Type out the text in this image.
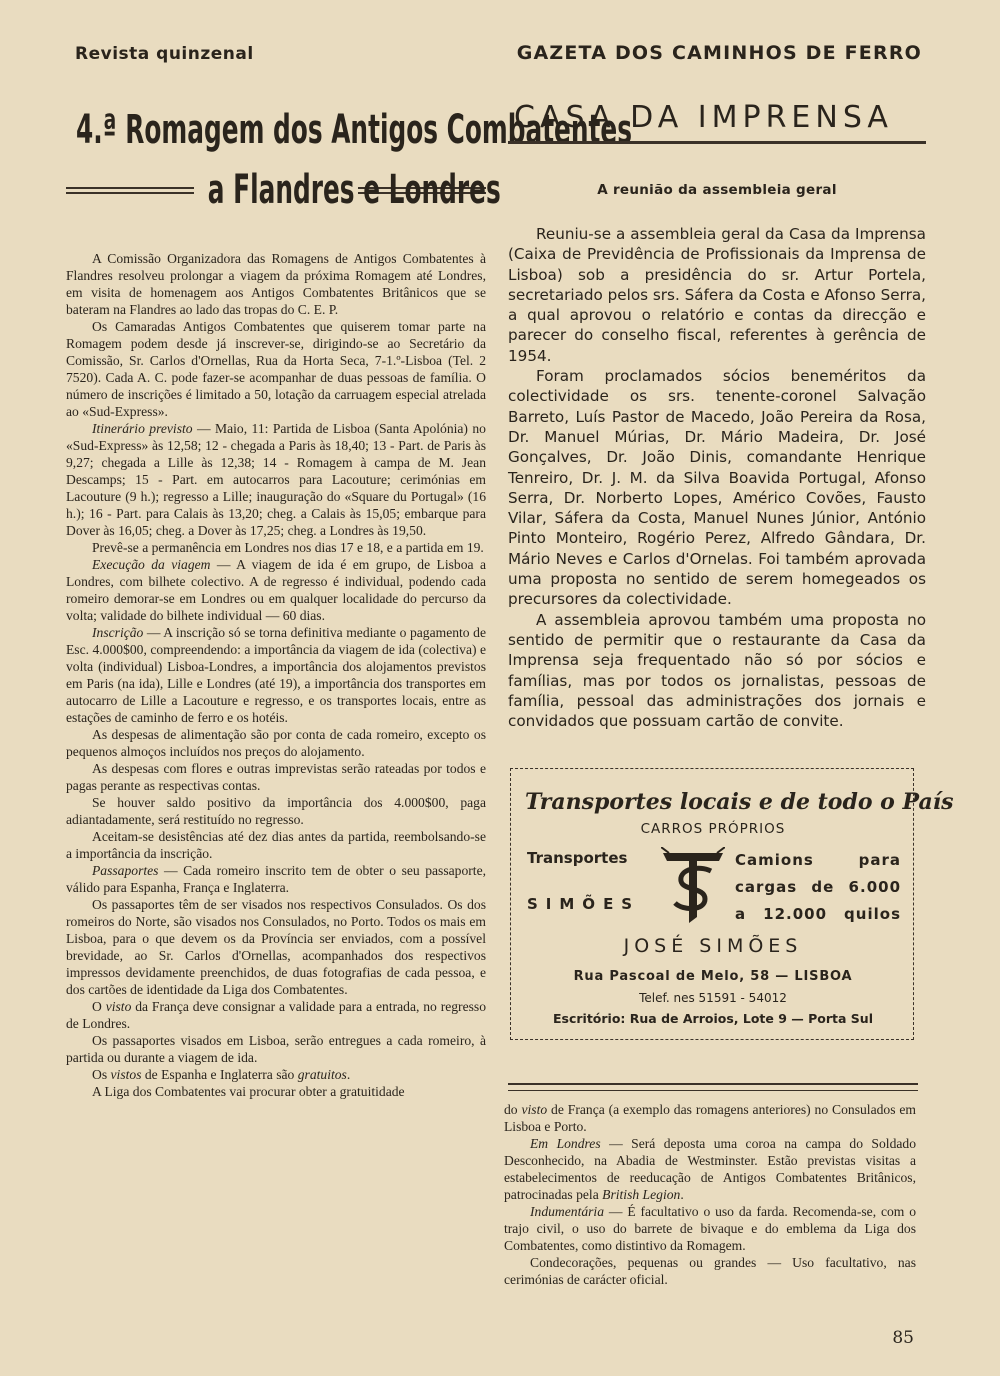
Revista quinzenal	GAZETA DOS CAMINHOS DE FERRO
4.ª Romagem dos Antigos Combatentes
a Flandres e Londres

A Comissão Organizadora das Romagens de Antigos Combatentes à Flandres resolveu prolongar a viagem da próxima Romagem até Londres, em visita de homenagem aos Antigos Combatentes Britânicos que se bateram na Flandres ao lado das tropas do C. E. P.

Os Camaradas Antigos Combatentes que quiserem tomar parte na Romagem podem desde já inscrever-se, dirigindo-se ao Secretário da Comissão, Sr. Carlos d'Ornellas, Rua da Horta Seca, 7-1.º-Lisboa (Tel. 2 7520). Cada A. C. pode fazer-se acompanhar de duas pessoas de família. O número de inscrições é limitado a 50, lotação da carruagem especial atrelada ao «Sud-Express».

Itinerário previsto — Maio, 11: Partida de Lisboa (Santa Apolónia) no «Sud-Express» às 12,58; 12 - chegada a Paris às 18,40; 13 - Part. de Paris às 9,27; chegada a Lille às 12,38; 14 - Romagem à campa de M. Jean Descamps; 15 - Part. em autocarros para Lacouture; cerimónias em Lacouture (9 h.); regresso a Lille; inauguração do «Square du Portugal» (16 h.); 16 - Part. para Calais às 13,20; cheg. a Calais às 15,05; embarque para Dover às 16,05; cheg. a Dover às 17,25; cheg. a Londres às 19,50.

Prevê-se a permanência em Londres nos dias 17 e 18, e a partida em 19.

Execução da viagem — A viagem de ida é em grupo, de Lisboa a Londres, com bilhete colectivo. A de regresso é individual, podendo cada romeiro demorar-se em Londres ou em qualquer localidade do percurso da volta; validade do bilhete individual — 60 dias.

Inscrição — A inscrição só se torna definitiva mediante o pagamento de Esc. 4.000$00, compreendendo: a importância da viagem de ida (colectiva) e volta (individual) Lisboa-Londres, a importância dos alojamentos previstos em Paris (na ida), Lille e Londres (até 19), a importância dos transportes em autocarro de Lille a Lacouture e regresso, e os transportes locais, entre as estações de caminho de ferro e os hotéis.

As despesas de alimentação são por conta de cada romeiro, excepto os pequenos almoços incluídos nos preços do alojamento.

As despesas com flores e outras imprevistas serão rateadas por todos e pagas perante as respectivas contas.

Se houver saldo positivo da importância dos 4.000$00, paga adiantadamente, será restituído no regresso.

Aceitam-se desistências até dez dias antes da partida, reembolsando-se a importância da inscrição.

Passaportes — Cada romeiro inscrito tem de obter o seu passaporte, válido para Espanha, França e Inglaterra.

Os passaportes têm de ser visados nos respectivos Consulados. Os dos romeiros do Norte, são visados nos Consulados, no Porto. Todos os mais em Lisboa, para o que devem os da Província ser enviados, com a possível brevidade, ao Sr. Carlos d'Ornellas, acompanhados dos respectivos impressos devidamente preenchidos, de duas fotografias de cada pessoa, e dos cartões de identidade da Liga dos Combatentes.

O visto da França deve consignar a validade para a entrada, no regresso de Londres.

Os passaportes visados em Lisboa, serão entregues a cada romeiro, à partida ou durante a viagem de ida.

Os vistos de Espanha e Inglaterra são gratuitos.

A Liga dos Combatentes vai procurar obter a gratuitidade

CASA DA IMPRENSA
A reunião da assembleia geral

Reuniu-se a assembleia geral da Casa da Imprensa (Caixa de Previdência de Profissionais da Imprensa de Lisboa) sob a presidência do sr. Artur Portela, secretariado pelos srs. Sáfera da Costa e Afonso Serra, a qual aprovou o relatório e contas da direcção e parecer do conselho fiscal, referentes à gerência de 1954.

Foram proclamados sócios beneméritos da colectividade os srs. tenente-coronel Salvação Barreto, Luís Pastor de Macedo, João Pereira da Rosa, Dr. Manuel Múrias, Dr. Mário Madeira, Dr. José Gonçalves, Dr. João Dinis, comandante Henrique Tenreiro, Dr. J. M. da Silva Boavida Portugal, Afonso Serra, Dr. Norberto Lopes, Américo Covões, Fausto Vilar, Sáfera da Costa, Manuel Nunes Júnior, António Pinto Monteiro, Rogério Perez, Alfredo Gândara, Dr. Mário Neves e Carlos d'Ornelas. Foi também aprovada uma proposta no sentido de serem homegeados os precursores da colectividade.

A assembleia aprovou também uma proposta no sentido de permitir que o restaurante da Casa da Imprensa seja frequentado não só por sócios e famílias, mas por todos os jornalistas, pessoas de família, pessoal das administrações dos jornais e convidados que possuam cartão de convite.

Transportes locais e de todo o País
CARROS PRÓPRIOS
Transportes
SIMÕES
Camions para
cargas de 6.000
a 12.000 quilos
JOSÉ SIMÕES
Rua Pascoal de Melo, 58 — LISBOA
Telef. nes 51591 - 54012
Escritório: Rua de Arroios, Lote 9 — Porta Sul

do visto de França (a exemplo das romagens anteriores) no Consulados em Lisboa e Porto.

Em Londres — Será deposta uma coroa na campa do Soldado Desconhecido, na Abadia de Westminster. Estão previstas visitas a estabelecimentos de reeducação de Antigos Combatentes Britânicos, patrocinadas pela British Legion.

Indumentária — É facultativo o uso da farda. Recomenda-se, com o trajo civil, o uso do barrete de bivaque e do emblema da Liga dos Combatentes, como distintivo da Romagem.

Condecorações, pequenas ou grandes — Uso facultativo, nas cerimónias de carácter oficial.

85
